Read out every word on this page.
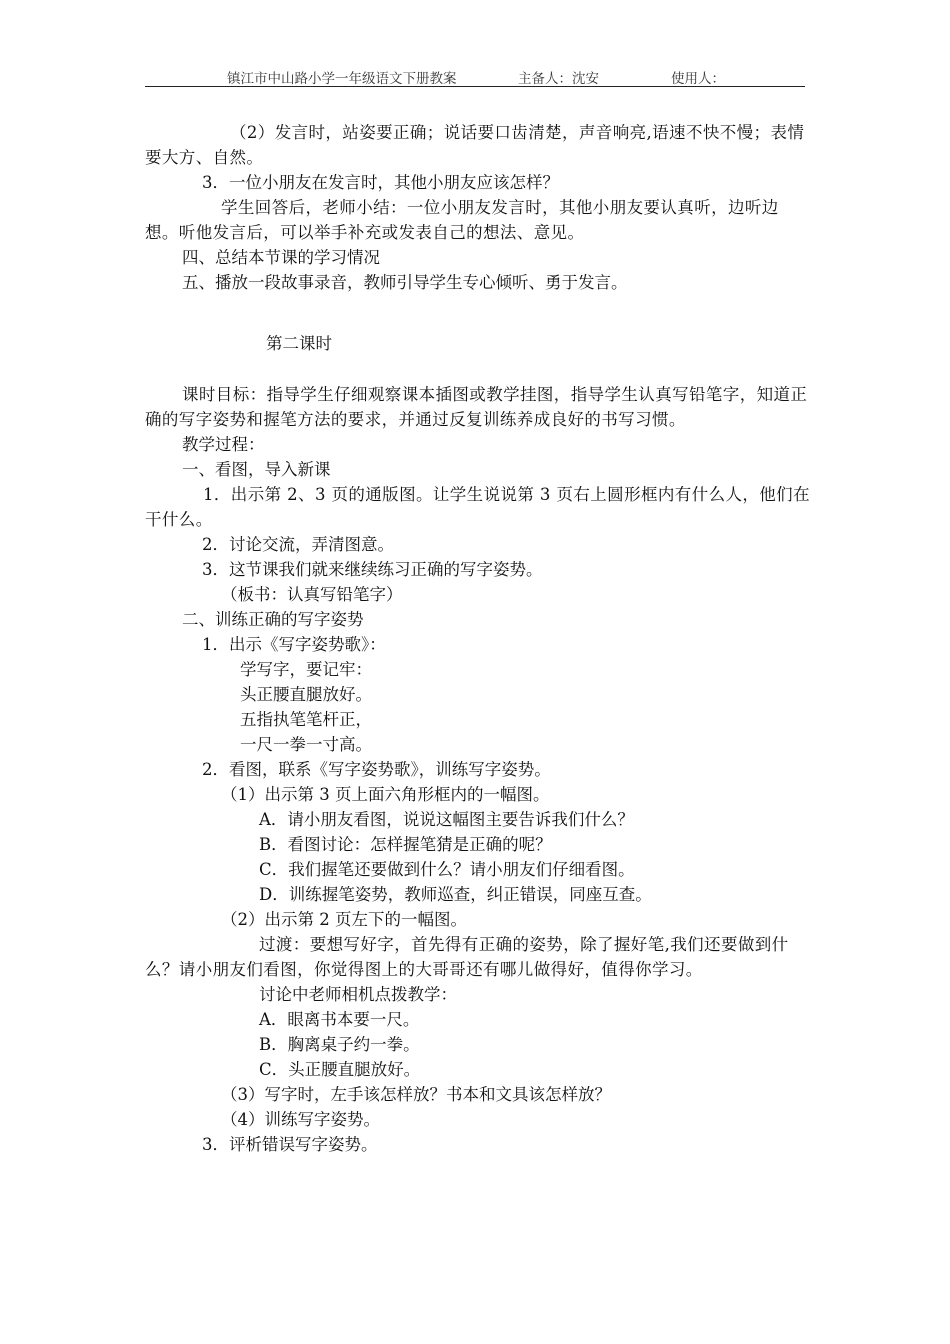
镇江市中山路小学一年级语文下册教案	主备人：沈安	使用人：
（2）发言时，站姿要正确；说话要口齿清楚，声音响亮,语速不快不慢；表情要大方、自然。
3．一位小朋友在发言时，其他小朋友应该怎样？
学生回答后，老师小结：一位小朋友发言时，其他小朋友要认真听，边听边想。听他发言后，可以举手补充或发表自己的想法、意见。
四、总结本节课的学习情况
五、播放一段故事录音，教师引导学生专心倾听、勇于发言。
第二课时
课时目标：指导学生仔细观察课本插图或教学挂图，指导学生认真写铅笔字，知道正确的写字姿势和握笔方法的要求，并通过反复训练养成良好的书写习惯。
教学过程：
一、看图，导入新课
1．出示第 2、3 页的通版图。让学生说说第 3 页右上圆形框内有什么人，他们在干什么。
2．讨论交流，弄清图意。
3．这节课我们就来继续练习正确的写字姿势。
（板书：认真写铅笔字）
二、训练正确的写字姿势
1．出示《写字姿势歌》：
学写字，要记牢：
头正腰直腿放好。
五指执笔笔杆正，
一尺一拳一寸高。
2．看图，联系《写字姿势歌》，训练写字姿势。
（1）出示第 3 页上面六角形框内的一幅图。
A．请小朋友看图，说说这幅图主要告诉我们什么？
B．看图讨论：怎样握笔猜是正确的呢？
C．我们握笔还要做到什么？请小朋友们仔细看图。
D．训练握笔姿势，教师巡查，纠正错误，同座互查。
（2）出示第 2 页左下的一幅图。
过渡：要想写好字，首先得有正确的姿势，除了握好笔,我们还要做到什么？请小朋友们看图，你觉得图上的大哥哥还有哪儿做得好，值得你学习。
讨论中老师相机点拨教学：
A．眼离书本要一尺。
B．胸离桌子约一拳。
C．头正腰直腿放好。
（3）写字时，左手该怎样放？书本和文具该怎样放？
（4）训练写字姿势。
3．评析错误写字姿势。
